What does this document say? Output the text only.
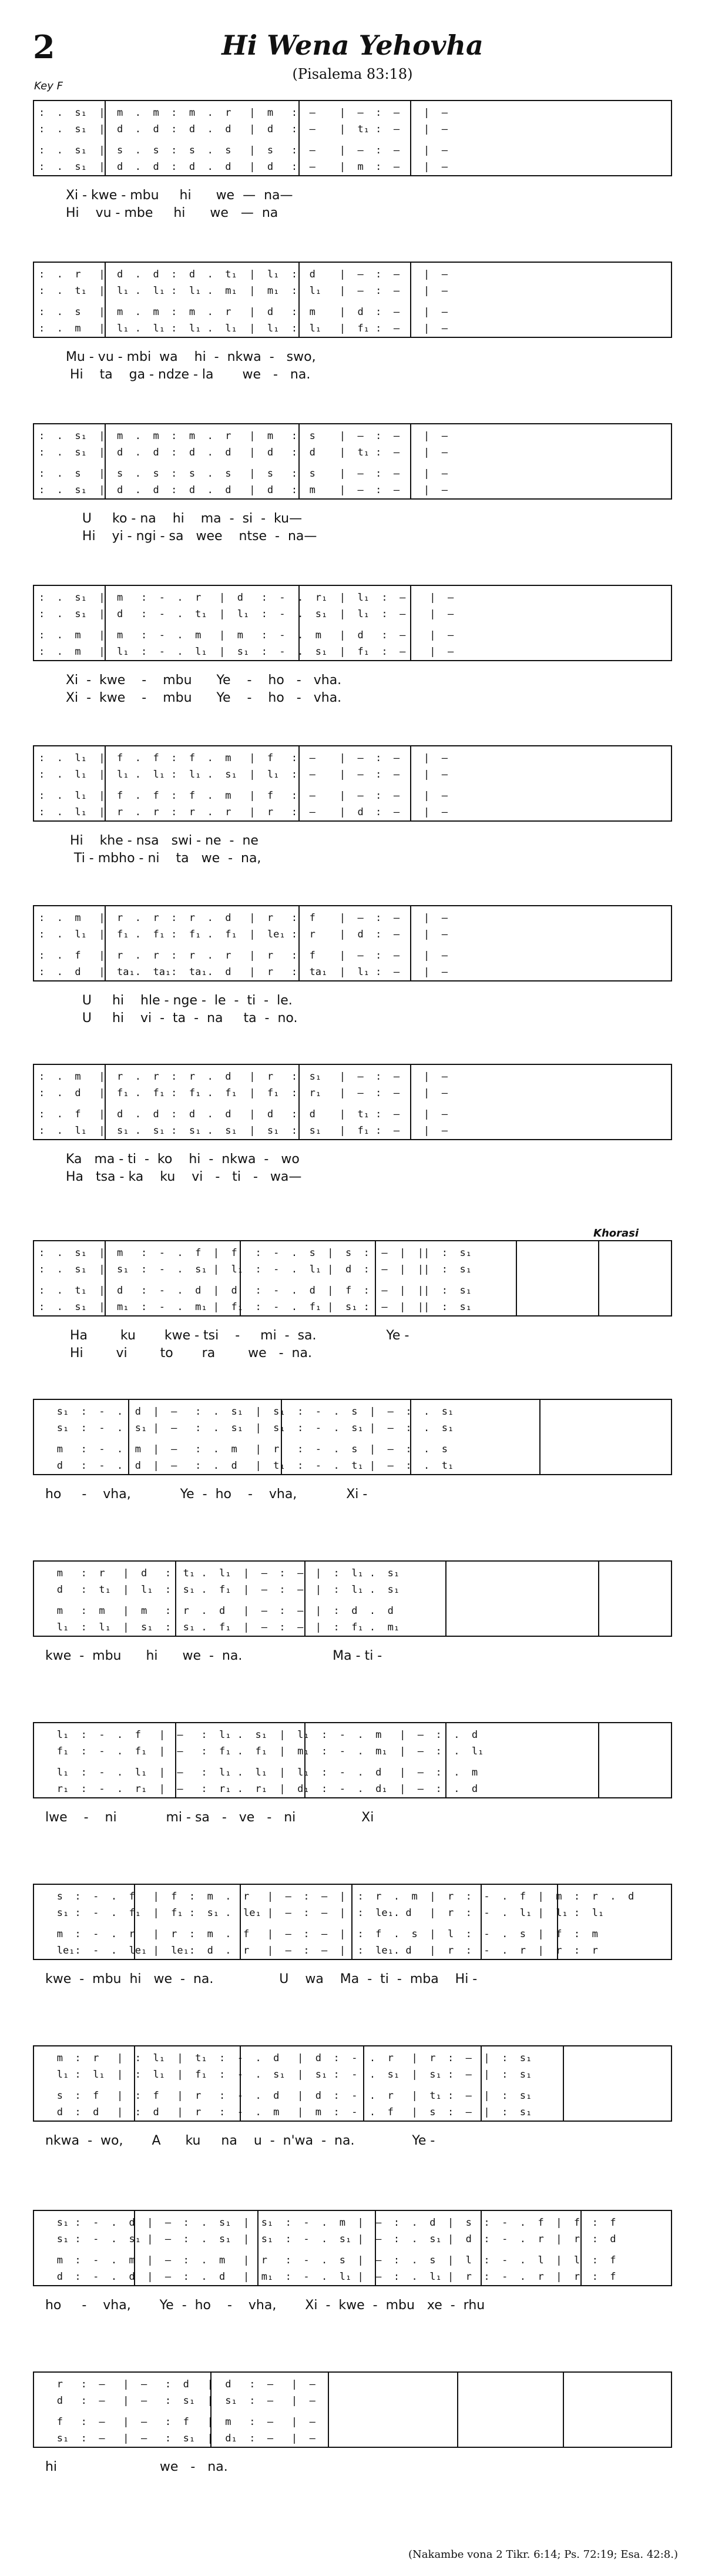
2	Hi Wena Yehovha
(Pisalema 83:18)
Key F
Khorasi
:  .  s₁  |  m  .  m  :  m  .  r   |  m   :  —    |  —  :  —    |  —
:  .  s₁  |  d  .  d  :  d  .  d   |  d   :  —    |  t₁ :  —    |  —
:  .  s₁  |  s  .  s  :  s  .  s   |  s   :  —    |  —  :  —    |  —
:  .  s₁  |  d  .  d  :  d  .  d   |  d   :  —    |  m  :  —    |  —
Xi - kwe - mbu     hi      we  —  na—
Hi    vu - mbe     hi      we   —  na
:  .  r   |  d  .  d  :  d  .  t₁  |  l₁  :  d    |  —  :  —    |  —
:  .  t₁  |  l₁ .  l₁ :  l₁ .  m₁  |  m₁  :  l₁   |  —  :  —    |  —
:  .  s   |  m  .  m  :  m  .  r   |  d   :  m    |  d  :  —    |  —
:  .  m   |  l₁ .  l₁ :  l₁ .  l₁  |  l₁  :  l₁   |  f₁ :  —    |  —
Mu - vu - mbi  wa    hi  -  nkwa  -   swo,
Hi    ta    ga - ndze - la       we   -   na.
:  .  s₁  |  m  .  m  :  m  .  r   |  m   :  s    |  —  :  —    |  —
:  .  s₁  |  d  .  d  :  d  .  d   |  d   :  d    |  t₁ :  —    |  —
:  .  s   |  s  .  s  :  s  .  s   |  s   :  s    |  —  :  —    |  —
:  .  s₁  |  d  .  d  :  d  .  d   |  d   :  m    |  —  :  —    |  —
U     ko - na    hi    ma  -  si  -  ku—
Hi    yi - ngi - sa   wee    ntse  -  na—
:  .  s₁  |  m   :  -  .  r   |  d   :  -  .  r₁  |  l₁  :  —    |  —
:  .  s₁  |  d   :  -  .  t₁  |  l₁  :  -  .  s₁  |  l₁  :  —    |  —
:  .  m   |  m   :  -  .  m   |  m   :  -  .  m   |  d   :  —    |  —
:  .  m   |  l₁  :  -  .  l₁  |  s₁  :  -  .  s₁  |  f₁  :  —    |  —
Xi  -  kwe    -    mbu      Ye    -    ho   -   vha.
Xi  -  kwe    -    mbu      Ye    -    ho   -   vha.
:  .  l₁  |  f  .  f  :  f  .  m   |  f   :  —    |  —  :  —    |  —
:  .  l₁  |  l₁ .  l₁ :  l₁ .  s₁  |  l₁  :  —    |  —  :  —    |  —
:  .  l₁  |  f  .  f  :  f  .  m   |  f   :  —    |  —  :  —    |  —
:  .  l₁  |  r  .  r  :  r  .  r   |  r   :  —    |  d  :  —    |  —
Hi    khe - nsa   swi - ne  -  ne
Ti - mbho - ni    ta   we  -  na,
:  .  m   |  r  .  r  :  r  .  d   |  r   :  f    |  —  :  —    |  —
:  .  l₁  |  f₁ .  f₁ :  f₁ .  f₁  |  le₁ :  r    |  d  :  —    |  —
:  .  f   |  r  .  r  :  r  .  r   |  r   :  f    |  —  :  —    |  —
:  .  d   |  ta₁.  ta₁:  ta₁.  d   |  r   :  ta₁  |  l₁ :  —    |  —
U     hi    hle - nge -  le  -  ti  -  le.
U     hi    vi  -  ta  -  na     ta  -  no.
:  .  m   |  r  .  r  :  r  .  d   |  r   :  s₁   |  —  :  —    |  —
:  .  d   |  f₁ .  f₁ :  f₁ .  f₁  |  f₁  :  r₁   |  —  :  —    |  —
:  .  f   |  d  .  d  :  d  .  d   |  d   :  d    |  t₁ :  —    |  —
:  .  l₁  |  s₁ .  s₁ :  s₁ .  s₁  |  s₁  :  s₁   |  f₁ :  —    |  —
Ka   ma - ti  -  ko    hi  -  nkwa  -   wo
Ha   tsa - ka    ku    vi   -   ti   -   wa—
:  .  s₁  |  m   :  -  .  f  |  f   :  -  .  s  |  s  :  —  |  ||  :  s₁
:  .  s₁  |  s₁  :  -  .  s₁ |  l₁  :  -  .  l₁ |  d  :  —  |  ||  :  s₁
:  .  t₁  |  d   :  -  .  d  |  d   :  -  .  d  |  f  :  —  |  ||  :  s₁
:  .  s₁  |  m₁  :  -  .  m₁ |  f₁  :  -  .  f₁ |  s₁ :  —  |  ||  :  s₁
Ha        ku       kwe - tsi    -     mi  -  sa.                 Ye -
Hi        vi        to       ra        we   -  na.
s₁  :  -  .  d  |  —   :  .  s₁  |  s₁  :  -  .  s  |  —  :  .  s₁
s₁  :  -  .  s₁ |  —   :  .  s₁  |  s₁  :  -  .  s₁ |  —  :  .  s₁
m   :  -  .  m  |  —   :  .  m   |  r   :  -  .  s  |  —  :  .  s
d   :  -  .  d  |  —   :  .  d   |  t₁  :  -  .  t₁ |  —  :  .  t₁
ho     -    vha,            Ye  -  ho    -    vha,            Xi -
m   :  r   |  d   :  t₁ .  l₁  |  —  :  —  |  :  l₁ .  s₁
d   :  t₁  |  l₁  :  s₁ .  f₁  |  —  :  —  |  :  l₁ .  s₁
m   :  m   |  m   :  r  .  d   |  —  :  —  |  :  d  .  d
l₁  :  l₁  |  s₁  :  s₁ .  f₁  |  —  :  —  |  :  f₁ .  m₁
kwe  -  mbu      hi      we  -  na.                      Ma - ti -
l₁  :  -  .  f   |  —   :  l₁ .  s₁  |  l₁  :  -  .  m   |  —  :  .  d
f₁  :  -  .  f₁  |  —   :  f₁ .  f₁  |  m₁  :  -  .  m₁  |  —  :  .  l₁
l₁  :  -  .  l₁  |  —   :  l₁ .  l₁  |  l₁  :  -  .  d   |  —  :  .  m
r₁  :  -  .  r₁  |  —   :  r₁ .  r₁  |  d₁  :  -  .  d₁  |  —  :  .  d
lwe    -    ni            mi - sa   -   ve   -   ni                Xi
s  :  -  .  f   |  f  :  m  .  r   |  —  :  —  |  :  r  .  m  |  r  :  -  .  f  |  m  :  r  .  d
s₁ :  -  .  f₁  |  f₁ :  s₁ .  le₁ |  —  :  —  |  :  le₁. d   |  r  :  -  .  l₁ |  l₁ :  l₁
m  :  -  .  r   |  r  :  m  .  f   |  —  :  —  |  :  f  .  s  |  l  :  -  .  s  |  f  :  m
le₁:  -  .  le₁ |  le₁:  d  .  r   |  —  :  —  |  :  le₁. d   |  r  :  -  .  r  |  r  :  r
kwe  -  mbu  hi   we  -  na.                U    wa    Ma  -  ti  -  mba    Hi -
m  :  r   |  :  l₁  |  t₁  :  -  .  d   |  d  :  -  .  r   |  r  :  —  |  :  s₁
l₁ :  l₁  |  :  l₁  |  f₁  :  -  .  s₁  |  s₁ :  -  .  s₁  |  s₁ :  —  |  :  s₁
s  :  f   |  :  f   |  r   :  -  .  d   |  d  :  -  .  r   |  t₁ :  —  |  :  s₁
d  :  d   |  :  d   |  r   :  -  .  m   |  m  :  -  .  f   |  s  :  —  |  :  s₁
nkwa  -  wo,       A      ku     na    u  -  n'wa  -  na.              Ye -
s₁ :  -  .  d  |  —  :  .  s₁  |  s₁  :  -  .  m  |  —  :  .  d  |  s  :  -  .  f  |  f  :  f
s₁ :  -  .  s₁ |  —  :  .  s₁  |  s₁  :  -  .  s₁ |  —  :  .  s₁ |  d  :  -  .  r  |  r  :  d
m  :  -  .  m  |  —  :  .  m   |  r   :  -  .  s  |  —  :  .  s  |  l  :  -  .  l  |  l  :  f
d  :  -  .  d  |  —  :  .  d   |  m₁  :  -  .  l₁ |  —  :  .  l₁ |  r  :  -  .  r  |  r  :  f
ho     -    vha,       Ye  -  ho    -    vha,       Xi  -  kwe  -  mbu   xe  -  rhu
r   :  —   |  —   :  d   |  d   :  —   |  —
d   :  —   |  —   :  s₁  |  s₁  :  —   |  —
f   :  —   |  —   :  f   |  m   :  —   |  —
s₁  :  —   |  —   :  s₁  |  d₁  :  —   |  —
hi                         we   -   na.
(Nakambe vona 2 Tikr. 6:14; Ps. 72:19; Esa. 42:8.)
